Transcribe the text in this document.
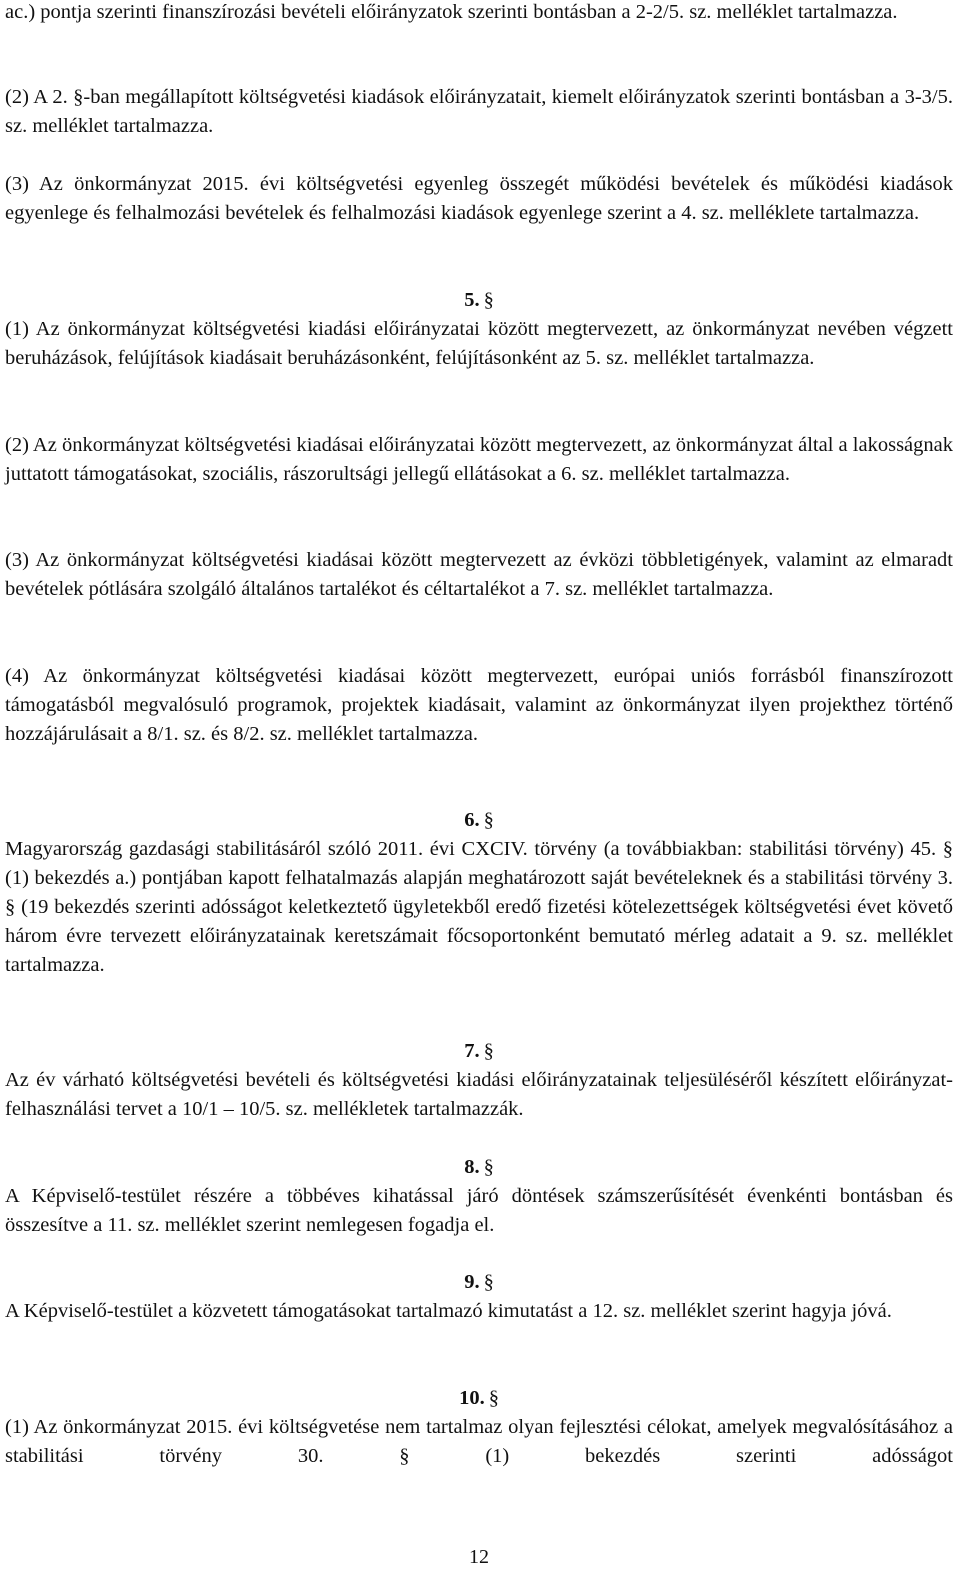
ac.) pontja szerinti finanszírozási bevételi előirányzatok szerinti bontásban a 2-2/5. sz. melléklet tartalmazza.

(2) A 2. §-ban megállapított költségvetési kiadások előirányzatait, kiemelt előirányzatok szerinti bontásban a 3-3/5. sz. melléklet tartalmazza.

(3) Az önkormányzat 2015. évi költségvetési egyenleg összegét működési bevételek és működési kiadások egyenlege és felhalmozási bevételek és felhalmozási kiadások egyenlege szerint a 4. sz. melléklete tartalmazza.

5. §

(1) Az önkormányzat költségvetési kiadási előirányzatai között megtervezett, az önkormányzat nevében végzett beruházások, felújítások kiadásait beruházásonként, felújításonként az 5. sz. melléklet tartalmazza.

(2) Az önkormányzat költségvetési kiadásai előirányzatai között megtervezett, az önkormányzat által a lakosságnak juttatott támogatásokat, szociális, rászorultsági jellegű ellátásokat a 6. sz. melléklet tartalmazza.

(3) Az önkormányzat költségvetési kiadásai között megtervezett az évközi többletigények, valamint az elmaradt bevételek pótlására szolgáló általános tartalékot és céltartalékot a 7. sz. melléklet tartalmazza.

(4) Az önkormányzat költségvetési kiadásai között megtervezett, európai uniós forrásból finanszírozott támogatásból megvalósuló programok, projektek kiadásait, valamint az önkormányzat ilyen projekthez történő hozzájárulásait a 8/1. sz. és 8/2. sz. melléklet tartalmazza.

6. §

Magyarország gazdasági stabilitásáról szóló 2011. évi CXCIV. törvény (a továbbiakban: stabilitási törvény) 45. § (1) bekezdés a.) pontjában kapott felhatalmazás alapján meghatározott saját bevételeknek és a stabilitási törvény 3. § (19 bekezdés szerinti adósságot keletkeztető ügyletekből eredő fizetési kötelezettségek költségvetési évet követő három évre tervezett előirányzatainak keretszámait főcsoportonként bemutató mérleg adatait a 9. sz. melléklet tartalmazza.

7. §

Az év várható költségvetési bevételi és költségvetési kiadási előirányzatainak teljesüléséről készített előirányzat-felhasználási tervet a 10/1 – 10/5. sz. mellékletek tartalmazzák.

8. §

A Képviselő-testület részére a többéves kihatással járó döntések számszerűsítését évenkénti bontásban és összesítve a 11. sz. melléklet szerint nemlegesen fogadja el.

9. §

A Képviselő-testület a közvetett támogatásokat tartalmazó kimutatást a 12. sz. melléklet szerint hagyja jóvá.

10. §

(1) Az önkormányzat 2015. évi költségvetése nem tartalmaz olyan fejlesztési célokat, amelyek megvalósításához a stabilitási törvény 30. § (1) bekezdés szerinti adósságot

12
